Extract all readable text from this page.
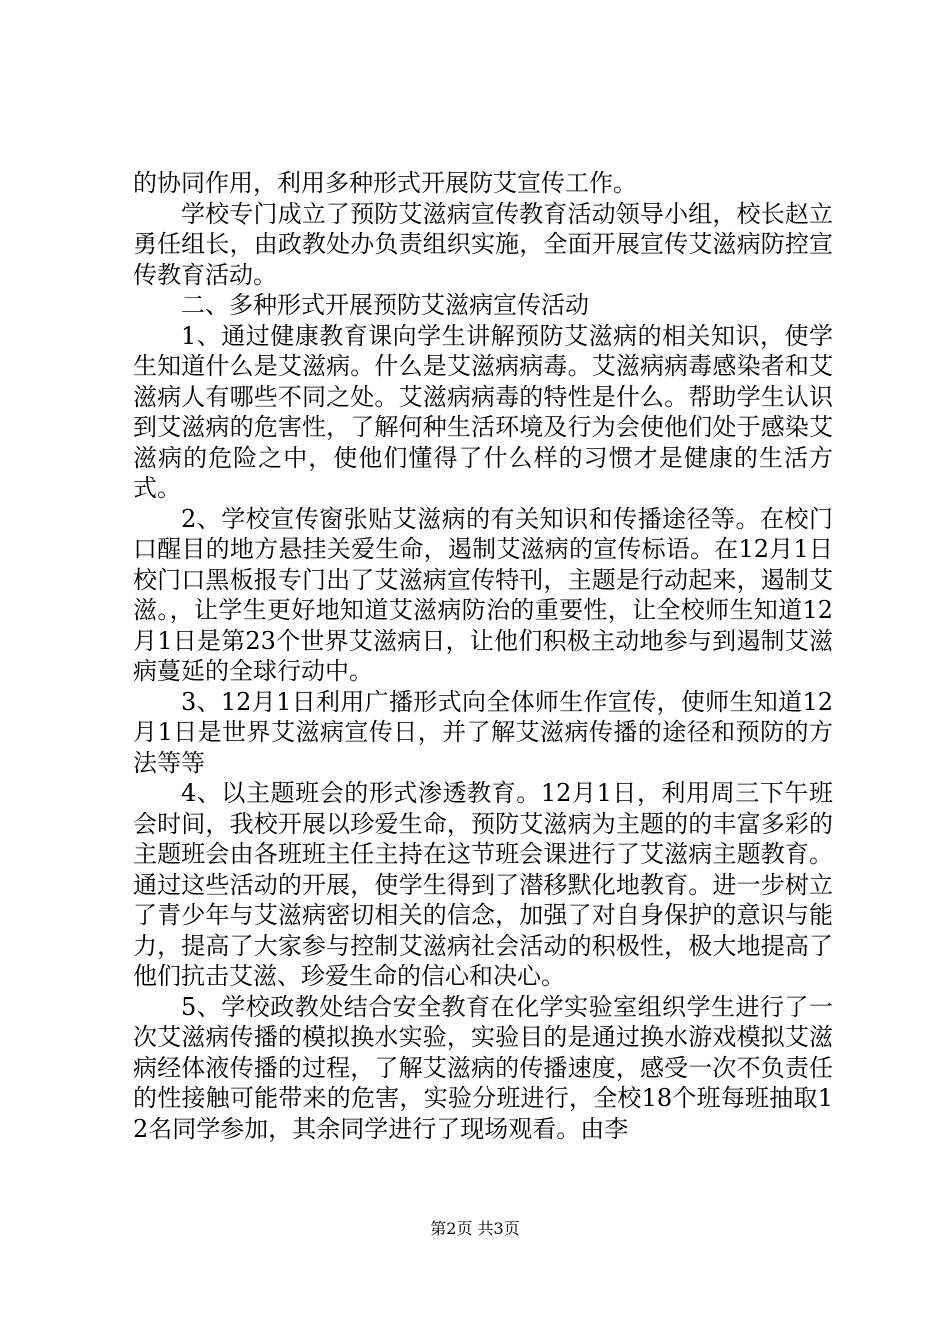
的协同作用，利用多种形式开展防艾宣传工作。

学校专门成立了预防艾滋病宣传教育活动领导小组，校长赵立勇任组长，由政教处办负责组织实施，全面开展宣传艾滋病防控宣传教育活动。

二、多种形式开展预防艾滋病宣传活动

1、通过健康教育课向学生讲解预防艾滋病的相关知识，使学生知道什么是艾滋病。什么是艾滋病病毒。艾滋病病毒感染者和艾滋病人有哪些不同之处。艾滋病病毒的特性是什么。帮助学生认识到艾滋病的危害性，了解何种生活环境及行为会使他们处于感染艾滋病的危险之中，使他们懂得了什么样的习惯才是健康的生活方式。

2、学校宣传窗张贴艾滋病的有关知识和传播途径等。在校门口醒目的地方悬挂关爱生命，遏制艾滋病的宣传标语。在12月1日校门口黑板报专门出了艾滋病宣传特刊，主题是行动起来，遏制艾滋。，让学生更好地知道艾滋病防治的重要性，让全校师生知道12月1日是第23个世界艾滋病日，让他们积极主动地参与到遏制艾滋病蔓延的全球行动中。

3、12月1日利用广播形式向全体师生作宣传，使师生知道12月1日是世界艾滋病宣传日，并了解艾滋病传播的途径和预防的方法等等

4、以主题班会的形式渗透教育。12月1日，利用周三下午班会时间，我校开展以珍爱生命，预防艾滋病为主题的的丰富多彩的主题班会由各班班主任主持在这节班会课进行了艾滋病主题教育。通过这些活动的开展，使学生得到了潜移默化地教育。进一步树立了青少年与艾滋病密切相关的信念，加强了对自身保护的意识与能力，提高了大家参与控制艾滋病社会活动的积极性，极大地提高了他们抗击艾滋、珍爱生命的信心和决心。

5、学校政教处结合安全教育在化学实验室组织学生进行了一次艾滋病传播的模拟换水实验，实验目的是通过换水游戏模拟艾滋病经体液传播的过程，了解艾滋病的传播速度，感受一次不负责任的性接触可能带来的危害，实验分班进行，全校18个班每班抽取12名同学参加，其余同学进行了现场观看。由李

第2页 共3页
